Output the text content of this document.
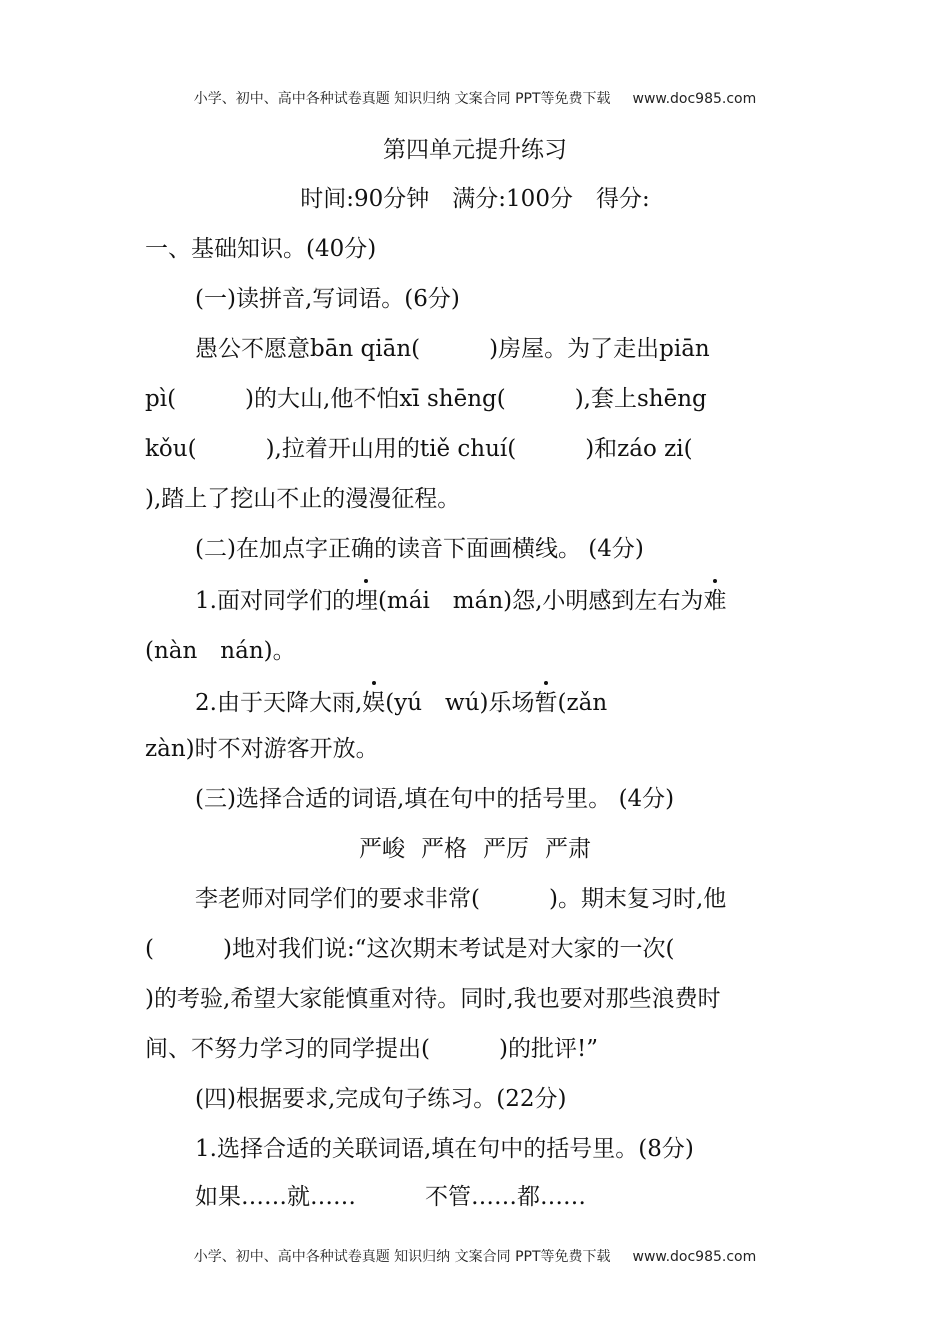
小学、初中、高中各种试卷真题 知识归纳 文案合同 PPT等免费下载 www.doc985.com
第四单元提升练习
时间:90分钟　满分:100分　得分:
一、基础知识。(40分)
(一)读拼音,写词语。(6分)
愚公不愿意bān qiān(　　　)房屋。为了走出piān
pì(　　　)的大山,他不怕xī shēng(　　　),套上shēng
kǒu(　　　),拉着开山用的tiě chuí(　　　)和záo zi(
),踏上了挖山不止的漫漫征程。
(二)在加点字正确的读音下面画横线。 (4分)
1.面对同学们的埋(mái　mán)怨,小明感到左右为难
(nàn　nán)。
2.由于天降大雨,娱(yú　wú)乐场暂(zǎn
zàn)时不对游客开放。
(三)选择合适的词语,填在句中的括号里。 (4分)
严峻 严格 严厉 严肃
李老师对同学们的要求非常(　　　)。期末复习时,他
(　　　)地对我们说:“这次期末考试是对大家的一次(
)的考验,希望大家能慎重对待。同时,我也要对那些浪费时
间、不努力学习的同学提出(　　　)的批评!”
(四)根据要求,完成句子练习。(22分)
1.选择合适的关联词语,填在句中的括号里。(8分)
如果……就……	不管……都……
小学、初中、高中各种试卷真题 知识归纳 文案合同 PPT等免费下载 www.doc985.com
